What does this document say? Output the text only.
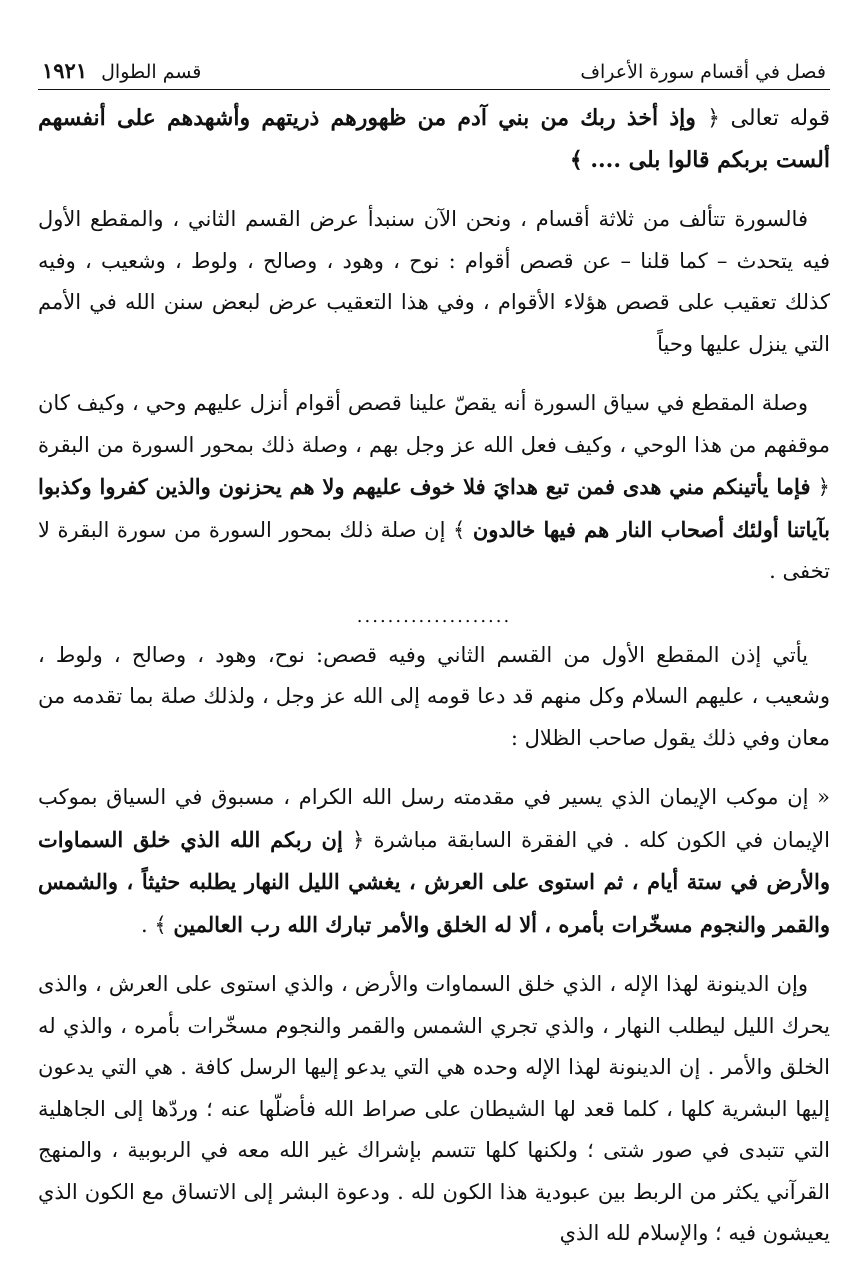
فصل في أقسام سورة الأعراف
قسم الطوال
١٩٢١

قوله تعالى ﴿ وإذ أخذ ربك من بني آدم من ظهورهم ذريتهم وأشهدهم على أنفسهم ألست بربكم قالوا بلى .... ﴾

فالسورة تتألف من ثلاثة أقسام ، ونحن الآن سنبدأ عرض القسم الثاني ، والمقطع الأول فيه يتحدث – كما قلنا – عن قصص أقوام : نوح ، وهود ، وصالح ، ولوط ، وشعيب ، وفيه كذلك تعقيب على قصص هؤلاء الأقوام ، وفي هذا التعقيب عرض لبعض سنن الله في الأمم التي ينزل عليها وحياً

وصلة المقطع في سياق السورة أنه يقصّ علينا قصص أقوام أنزل عليهم وحي ، وكيف كان موقفهم من هذا الوحي ، وكيف فعل الله عز وجل بهم ، وصلة ذلك بمحور السورة من البقرة ﴿ فإما يأتينكم مني هدى فمن تبع هدايَ فلا خوف عليهم ولا هم يحزنون والذين كفروا وكذبوا بآياتنا أولئك أصحاب النار هم فيها خالدون ﴾ إن صلة ذلك بمحور السورة من سورة البقرة لا تخفى .

....................

يأتي إذن المقطع الأول من القسم الثاني وفيه قصص: نوح، وهود ، وصالح ، ولوط ، وشعيب ، عليهم السلام وكل منهم قد دعا قومه إلى الله عز وجل ، ولذلك صلة بما تقدمه من معان وفي ذلك يقول صاحب الظلال :

« إن موكب الإيمان الذي يسير في مقدمته رسل الله الكرام ، مسبوق في السياق بموكب الإيمان في الكون كله . في الفقرة السابقة مباشرة ﴿ إن ربكم الله الذي خلق السماوات والأرض في ستة أيام ، ثم استوى على العرش ، يغشي الليل النهار يطلبه حثيثاً ، والشمس والقمر والنجوم مسخّرات بأمره ، ألا له الخلق والأمر تبارك الله رب العالمين ﴾ .

وإن الدينونة لهذا الإله ، الذي خلق السماوات والأرض ، والذي استوى على العرش ، والذى يحرك الليل ليطلب النهار ، والذي تجري الشمس والقمر والنجوم مسخّرات بأمره ، والذي له الخلق والأمر . إن الدينونة لهذا الإله وحده هي التي يدعو إليها الرسل كافة . هي التي يدعون إليها البشرية كلها ، كلما قعد لها الشيطان على صراط الله فأضلّها عنه ؛ وردّها إلى الجاهلية التي تتبدى في صور شتى ؛ ولكنها كلها تتسم بإشراك غير الله معه في الربوبية ، والمنهج القرآني يكثر من الربط بين عبودية هذا الكون لله . ودعوة البشر إلى الاتساق مع الكون الذي يعيشون فيه ؛ والإسلام لله الذي
